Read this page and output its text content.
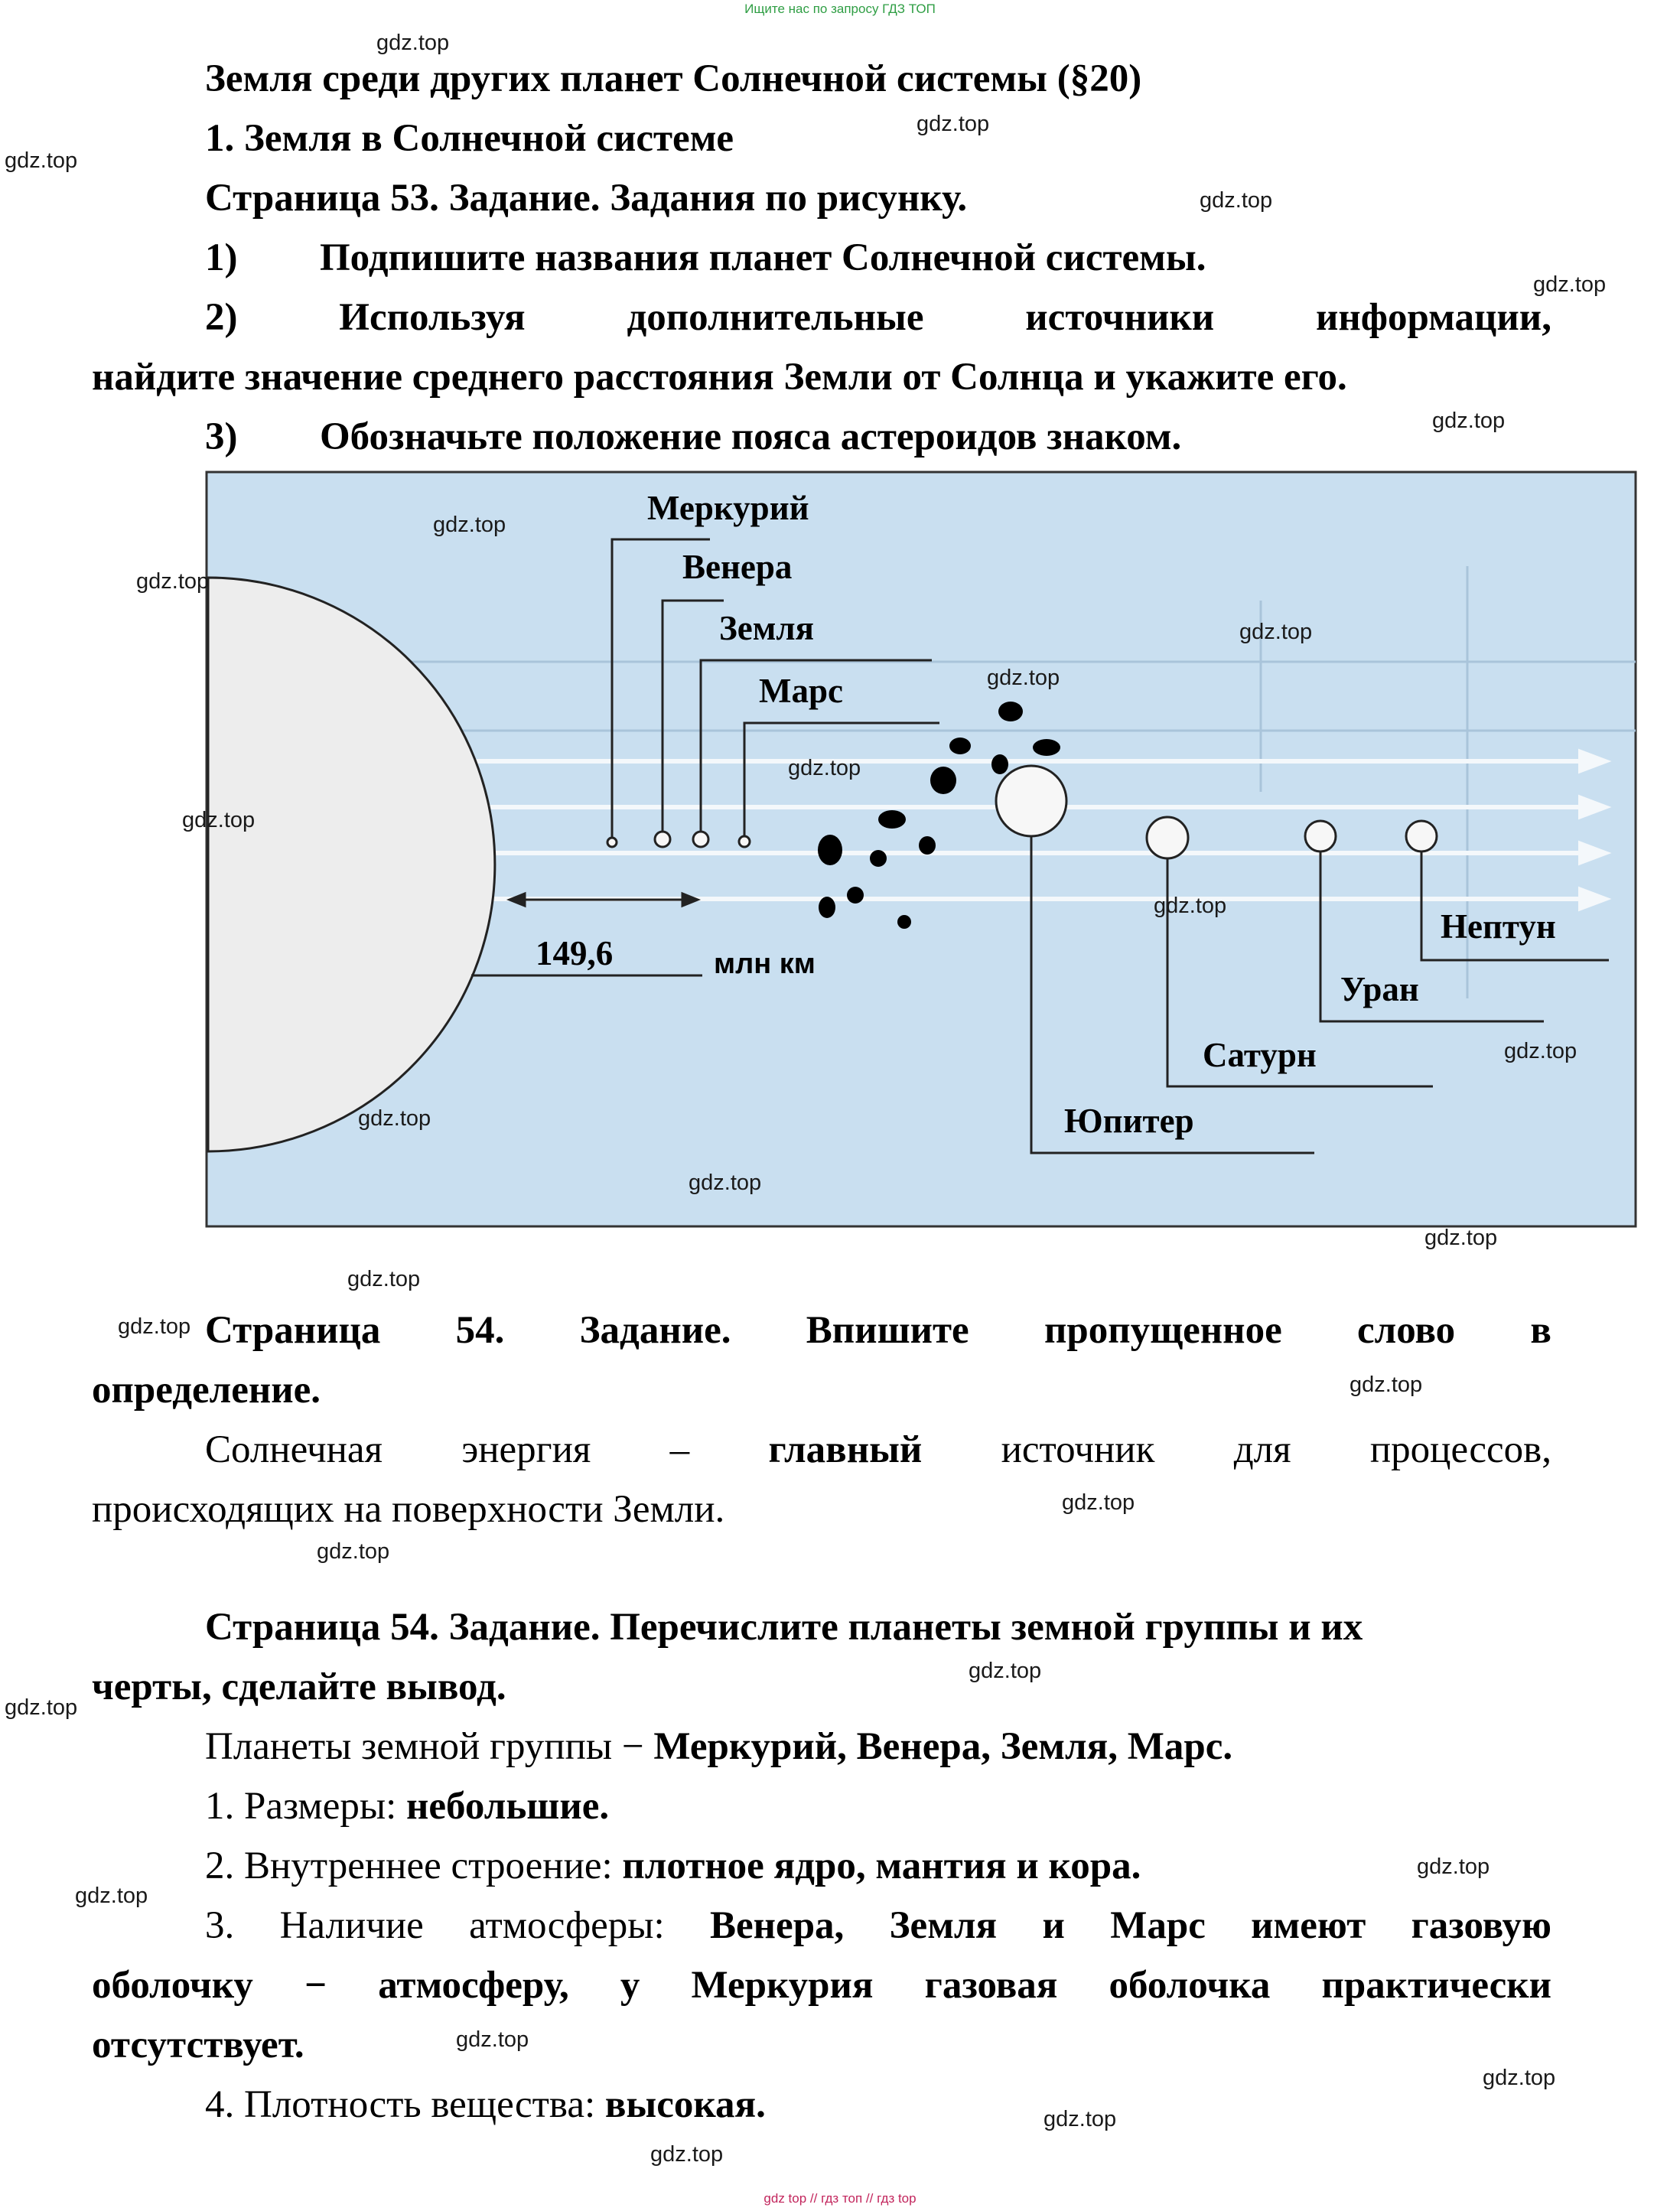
Ищите нас по запросу ГДЗ ТОП
Земля среди других планет Солнечной системы (§20)
1. Земля в Солнечной системе
Страница 53. Задание. Задания по рисунку.
1) Подпишите названия планет Солнечной системы.
2)	Используя	дополнительные	источники	информации,
найдите значение среднего расстояния Земли от Солнца и укажите его.
3) Обозначьте положение пояса астероидов знаком.
Меркурий
Венера
Земля
Марс
Юпитер
Сатурн
Уран
Нептун
149,6	млн км
Страница 54. Задание. Впишите пропущенное слово в
определение.
Солнечная энергия – главный источник для процессов,
происходящих на поверхности Земли.
Страница 54. Задание. Перечислите планеты земной группы и их
черты, сделайте вывод.
Планеты земной группы − Меркурий, Венера, Земля, Марс.
1. Размеры: небольшие.
2. Внутреннее строение: плотное ядро, мантия и кора.
3. Наличие атмосферы: Венера, Земля и Марс имеют газовую
оболочку − атмосферу, у Меркурия газовая оболочка практически
отсутствует.
4. Плотность вещества: высокая.
gdz.top
gdz.top
gdz.top
gdz.top
gdz.top
gdz.top
gdz.top
gdz.top
gdz.top
gdz.top
gdz.top
gdz.top
gdz.top
gdz.top
gdz.top
gdz.top
gdz.top
gdz.top
gdz.top
gdz.top
gdz.top
gdz.top
gdz.top
gdz.top
gdz.top
gdz.top
gdz.top
gdz.top
gdz.top
gdz.top
gdz top // гдз топ // гдз top
